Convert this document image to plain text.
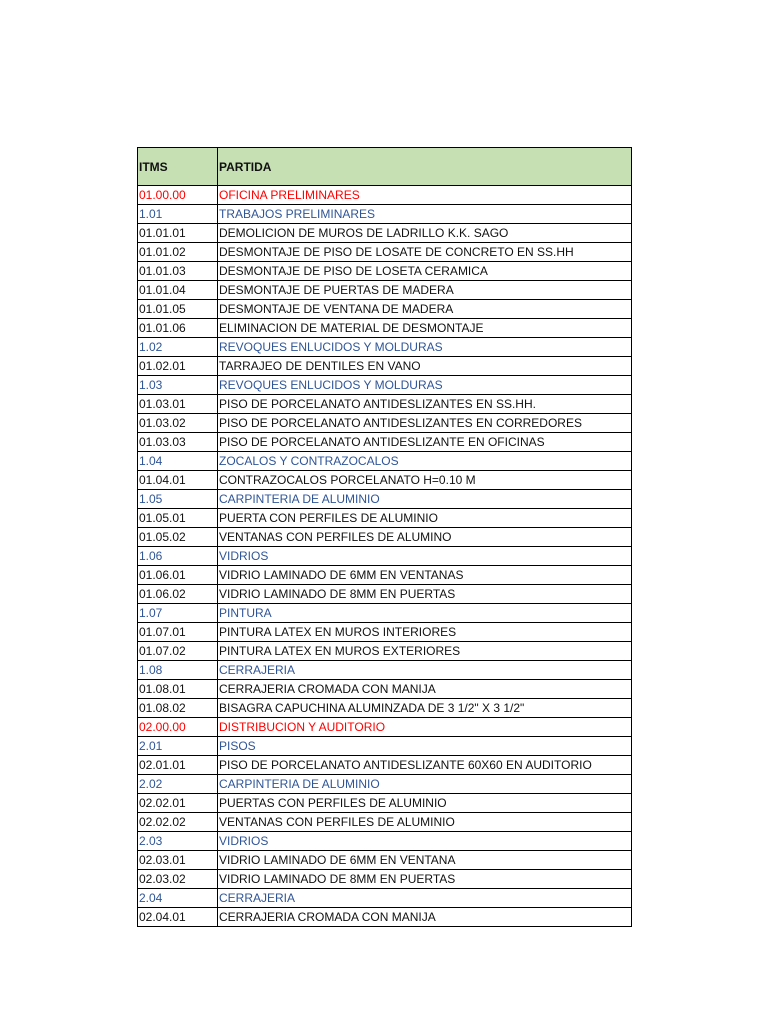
ITMS	PARTIDA
01.00.00	OFICINA PRELIMINARES
1.01	TRABAJOS PRELIMINARES
01.01.01	DEMOLICION DE MUROS DE LADRILLO K.K. SAGO
01.01.02	DESMONTAJE DE PISO DE LOSATE DE CONCRETO EN SS.HH
01.01.03	DESMONTAJE DE PISO DE LOSETA CERAMICA
01.01.04	DESMONTAJE DE PUERTAS DE MADERA
01.01.05	DESMONTAJE DE VENTANA DE MADERA
01.01.06	ELIMINACION DE MATERIAL DE DESMONTAJE
1.02	REVOQUES ENLUCIDOS Y MOLDURAS
01.02.01	TARRAJEO DE DENTILES EN VANO
1.03	REVOQUES ENLUCIDOS Y MOLDURAS
01.03.01	PISO DE PORCELANATO ANTIDESLIZANTES EN SS.HH.
01.03.02	PISO DE PORCELANATO ANTIDESLIZANTES EN CORREDORES
01.03.03	PISO DE PORCELANATO ANTIDESLIZANTE EN OFICINAS
1.04	ZOCALOS Y CONTRAZOCALOS
01.04.01	CONTRAZOCALOS PORCELANATO H=0.10 M
1.05	CARPINTERIA DE ALUMINIO
01.05.01	PUERTA CON PERFILES DE ALUMINIO
01.05.02	VENTANAS CON PERFILES DE ALUMINO
1.06	VIDRIOS
01.06.01	VIDRIO LAMINADO DE 6MM EN VENTANAS
01.06.02	VIDRIO LAMINADO DE 8MM EN PUERTAS
1.07	PINTURA
01.07.01	PINTURA LATEX EN MUROS INTERIORES
01.07.02	PINTURA LATEX EN MUROS EXTERIORES
1.08	CERRAJERIA
01.08.01	CERRAJERIA CROMADA CON MANIJA
01.08.02	BISAGRA CAPUCHINA ALUMINZADA DE 3 1/2" X 3 1/2"
02.00.00	DISTRIBUCION Y AUDITORIO
2.01	PISOS
02.01.01	PISO DE PORCELANATO ANTIDESLIZANTE 60X60 EN AUDITORIO
2.02	CARPINTERIA DE ALUMINIO
02.02.01	PUERTAS CON PERFILES DE ALUMINIO
02.02.02	VENTANAS CON PERFILES DE ALUMINIO
2.03	VIDRIOS
02.03.01	VIDRIO LAMINADO DE 6MM EN VENTANA
02.03.02	VIDRIO LAMINADO DE 8MM EN PUERTAS
2.04	CERRAJERIA
02.04.01	CERRAJERIA CROMADA CON MANIJA
